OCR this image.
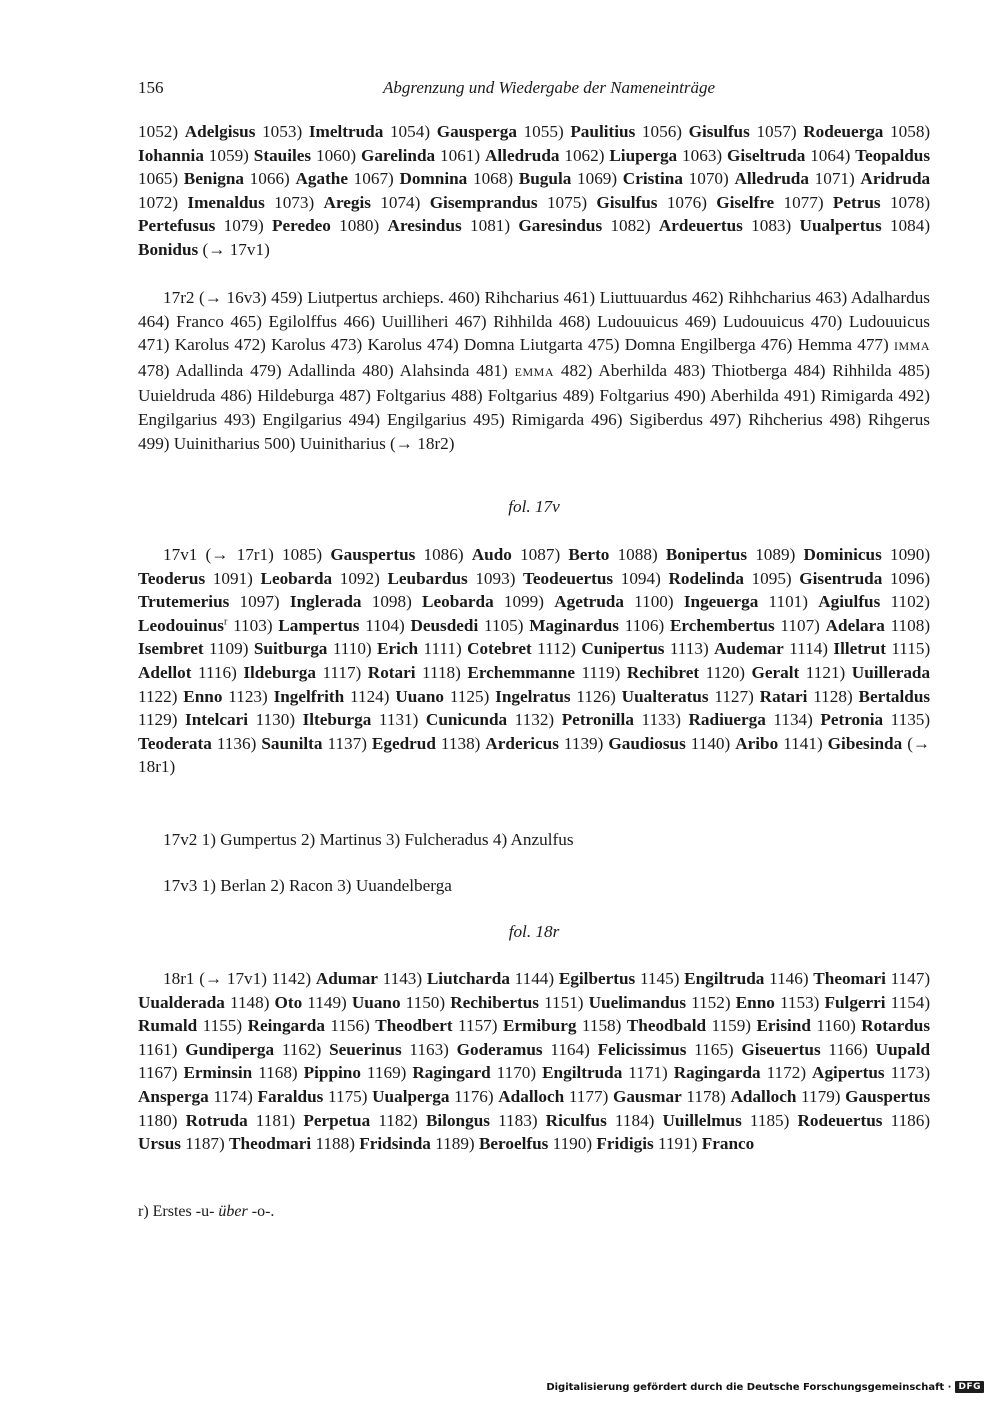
156	Abgrenzung und Wiedergabe der Nameneinträge

1052) Adelgisus 1053) Imeltruda 1054) Gausperga 1055) Paulitius 1056) Gisulfus 1057) Rodeuerga 1058) Iohannia 1059) Stauiles 1060) Garelinda 1061) Alledruda 1062) Liuperga 1063) Giseltruda 1064) Teopaldus 1065) Benigna 1066) Agathe 1067) Domnina 1068) Bugula 1069) Cristina 1070) Alledruda 1071) Aridruda 1072) Imenaldus 1073) Aregis 1074) Gisemprandus 1075) Gisulfus 1076) Giselfre 1077) Petrus 1078) Pertefusus 1079) Peredeo 1080) Aresindus 1081) Garesindus 1082) Ardeuertus 1083) Uualpertus 1084) Bonidus (→ 17v1)

17r2 (→ 16v3) 459) Liutpertus archieps. 460) Rihcharius 461) Liuttuuardus 462) Rihhcharius 463) Adalhardus 464) Franco 465) Egilolffus 466) Uuilliheri 467) Rihhilda 468) Ludouuicus 469) Ludouuicus 470) Ludouuicus 471) Karolus 472) Karolus 473) Karolus 474) Domna Liutgarta 475) Domna Engilberga 476) Hemma 477) IMMA 478) Adallinda 479) Adallinda 480) Alahsinda 481) EMMA 482) Aberhilda 483) Thiotberga 484) Rihhilda 485) Uuieldruda 486) Hildeburga 487) Foltgarius 488) Foltgarius 489) Foltgarius 490) Aberhilda 491) Rimigarda 492) Engilgarius 493) Engilgarius 494) Engilgarius 495) Rimigarda 496) Sigiberdus 497) Rihcherius 498) Rihgerus 499) Uuinitharius 500) Uuinitharius (→ 18r2)

fol. 17v

17v1 (→ 17r1) 1085) Gauspertus 1086) Audo 1087) Berto 1088) Bonipertus 1089) Dominicus 1090) Teoderus 1091) Leobarda 1092) Leubardus 1093) Teodeuertus 1094) Rodelinda 1095) Gisentruda 1096) Trutemerius 1097) Inglerada 1098) Leobarda 1099) Agetruda 1100) Ingeuerga 1101) Agiulfus 1102) Leodouinus$^r$ 1103) Lampertus 1104) Deusdedi 1105) Maginardus 1106) Erchembertus 1107) Adelara 1108) Isembret 1109) Suitburga 1110) Erich 1111) Cotebret 1112) Cunipertus 1113) Audemar 1114) Illetrut 1115) Adellot 1116) Ildeburga 1117) Rotari 1118) Erchemmanne 1119) Rechibret 1120) Geralt 1121) Uuillerada 1122) Enno 1123) Ingelfrith 1124) Uuano 1125) Ingelratus 1126) Uualteratus 1127) Ratari 1128) Bertaldus 1129) Intelcari 1130) Ilteburga 1131) Cunicunda 1132) Petronilla 1133) Radiuerga 1134) Petronia 1135) Teoderata 1136) Saunilta 1137) Egedrud 1138) Ardericus 1139) Gaudiosus 1140) Aribo 1141) Gibesinda (→ 18r1)

17v2 1) Gumpertus 2) Martinus 3) Fulcheradus 4) Anzulfus

17v3 1) Berlan 2) Racon 3) Uuandelberga

fol. 18r

18r1 (→ 17v1) 1142) Adumar 1143) Liutcharda 1144) Egilbertus 1145) Engiltruda 1146) Theomari 1147) Uualderada 1148) Oto 1149) Uuano 1150) Rechibertus 1151) Uuelimandus 1152) Enno 1153) Fulgerri 1154) Rumald 1155) Reingarda 1156) Theodbert 1157) Ermiburg 1158) Theodbald 1159) Erisind 1160) Rotardus 1161) Gundiperga 1162) Seuerinus 1163) Goderamus 1164) Felicissimus 1165) Giseuertus 1166) Uupald 1167) Erminsin 1168) Pippino 1169) Ragingard 1170) Engiltruda 1171) Ragingarda 1172) Agipertus 1173) Ansperga 1174) Faraldus 1175) Uualperga 1176) Adalloch 1177) Gausmar 1178) Adalloch 1179) Gauspertus 1180) Rotruda 1181) Perpetua 1182) Bilongus 1183) Riculfus 1184) Uuillelmus 1185) Rodeuertus 1186) Ursus 1187) Theodmari 1188) Fridsinda 1189) Beroelfus 1190) Fridigis 1191) Franco

r) Erstes -u- über -o-.
Digitalisierung gefördert durch die Deutsche Forschungsgemeinschaft · DFG
